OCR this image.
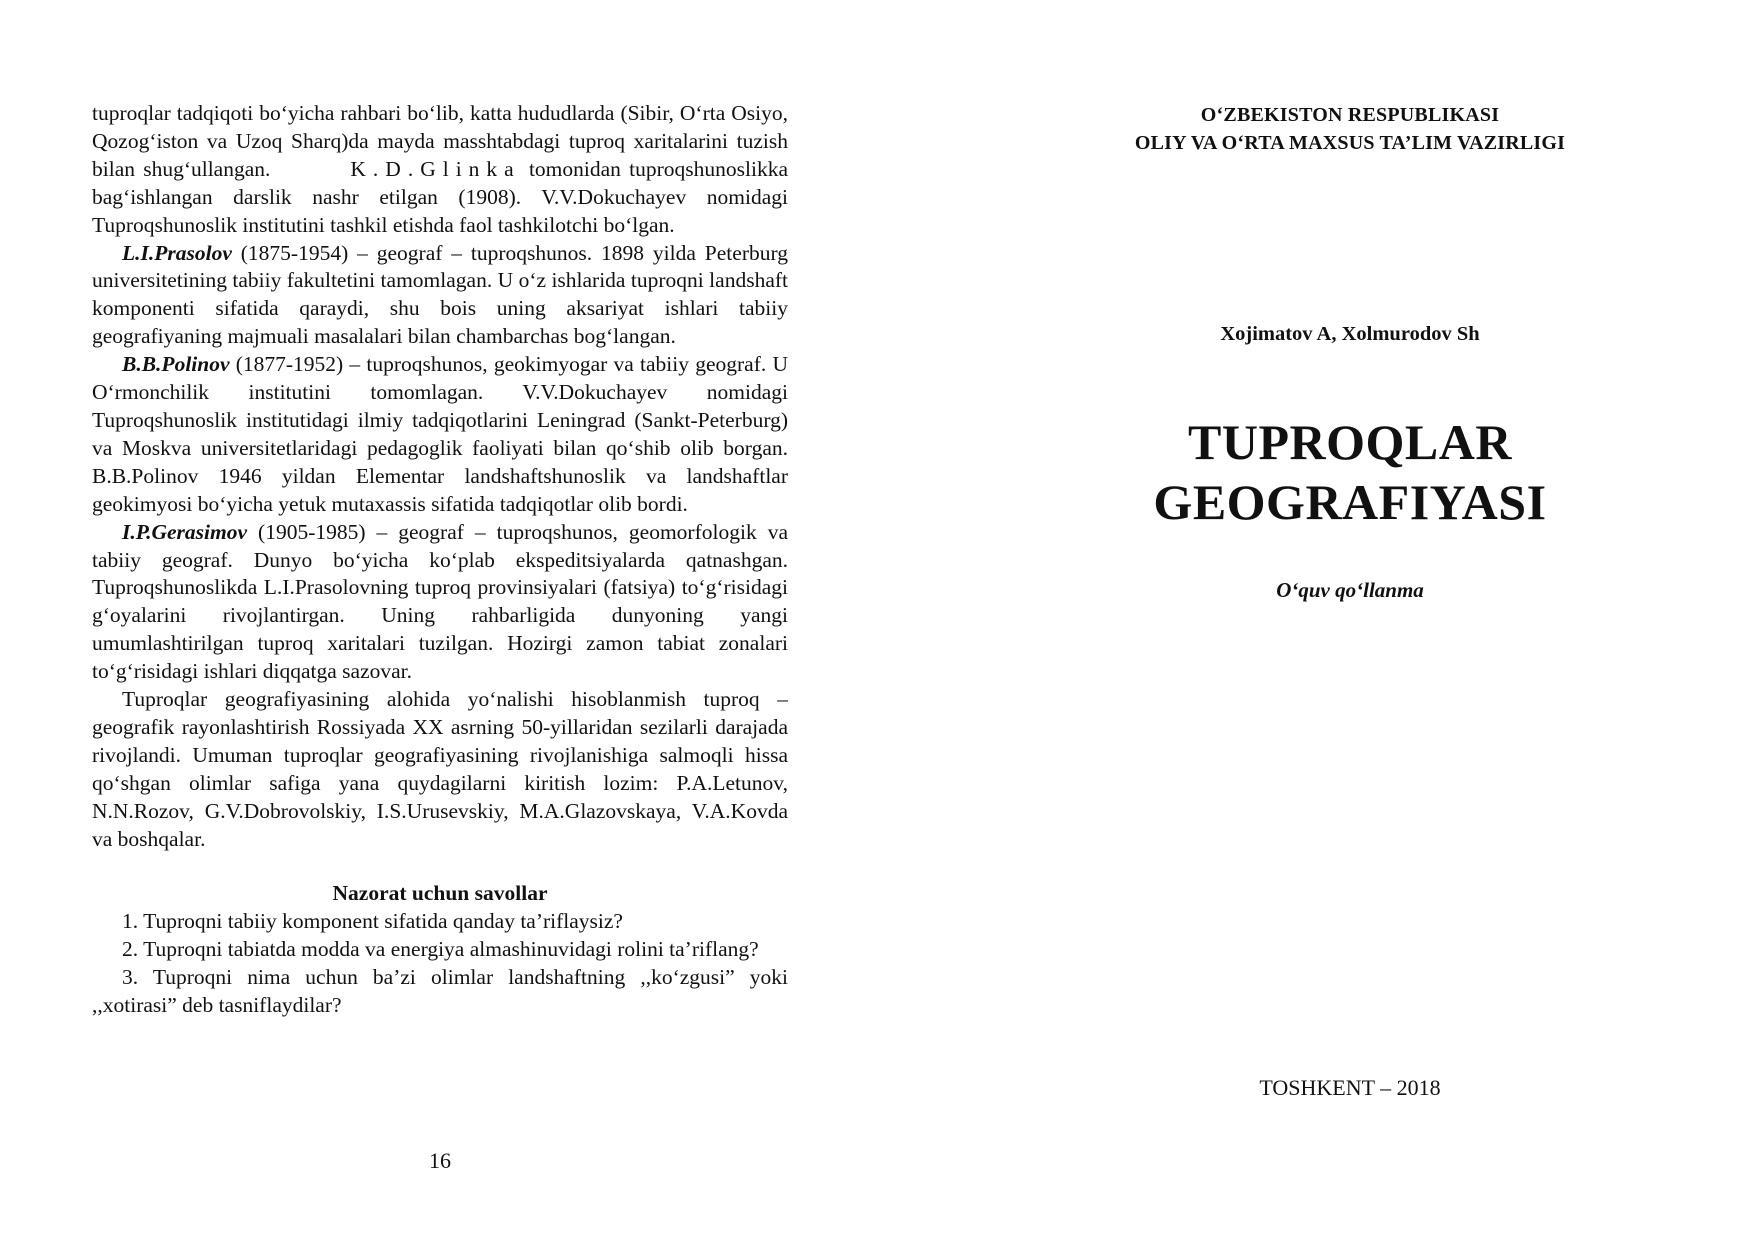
tuproqlar tadqiqoti bo‘yicha rahbari bo‘lib, katta hududlarda (Sibir, O‘rta Osiyo, Qozog‘iston va Uzoq Sharq)da mayda masshtabdagi tuproq xaritalarini tuzish bilan shug‘ullangan.	K.D.Glinka tomonidan tuproqshunoslikka bag‘ishlangan darslik nashr etilgan (1908). V.V.Dokuchayev nomidagi Tuproqshunoslik institutini tashkil etishda faol tashkilotchi bo‘lgan.

L.I.Prasolov (1875-1954) – geograf – tuproqshunos. 1898 yilda Peterburg universitetining tabiiy fakultetini tamomlagan. U o‘z ishlarida tuproqni landshaft komponenti sifatida qaraydi, shu bois uning aksariyat ishlari tabiiy geografiyaning majmuali masalalari bilan chambarchas bog‘langan.

B.B.Polinov (1877-1952) – tuproqshunos, geokimyogar va tabiiy geograf. U O‘rmonchilik institutini tomomlagan. V.V.Dokuchayev nomidagi Tuproqshunoslik institutidagi ilmiy tadqiqotlarini Leningrad (Sankt-Peterburg) va Moskva universitetlaridagi pedagoglik faoliyati bilan qo‘shib olib borgan. B.B.Polinov 1946 yildan Elementar landshaftshunoslik va landshaftlar geokimyosi bo‘yicha yetuk mutaxassis sifatida tadqiqotlar olib bordi.

I.P.Gerasimov (1905-1985) – geograf – tuproqshunos, geomorfologik va tabiiy geograf. Dunyo bo‘yicha ko‘plab ekspeditsiyalarda qatnashgan. Tuproqshunoslikda L.I.Prasolovning tuproq provinsiyalari (fatsiya) to‘g‘risidagi g‘oyalarini rivojlantirgan. Uning rahbarligida dunyoning yangi umumlashtirilgan tuproq xaritalari tuzilgan. Hozirgi zamon tabiat zonalari to‘g‘risidagi ishlari diqqatga sazovar.

Tuproqlar geografiyasining alohida yo‘nalishi hisoblanmish tuproq – geografik rayonlashtirish Rossiyada XX asrning 50-yillaridan sezilarli darajada rivojlandi. Umuman tuproqlar geografiyasining rivojlanishiga salmoqli hissa qo‘shgan olimlar safiga yana quydagilarni kiritish lozim: P.A.Letunov, N.N.Rozov, G.V.Dobrovolskiy, I.S.Urusevskiy, M.A.Glazovskaya, V.A.Kovda va boshqalar.

Nazorat uchun savollar

1. Tuproqni tabiiy komponent sifatida qanday ta’riflaysiz?
2. Tuproqni tabiatda modda va energiya almashinuvidagi rolini ta’riflang?
3. Tuproqni nima uchun ba’zi olimlar landshaftning ,,ko‘zgusi” yoki ,,xotirasi” deb tasniflaydilar?
16
O‘ZBEKISTON RESPUBLIKASI
OLIY VA O‘RTA MAXSUS TA’LIM VAZIRLIGI
Xojimatov A, Xolmurodov Sh
TUPROQLAR
GEOGRAFIYASI
O‘quv qo‘llanma
TOSHKENT – 2018
